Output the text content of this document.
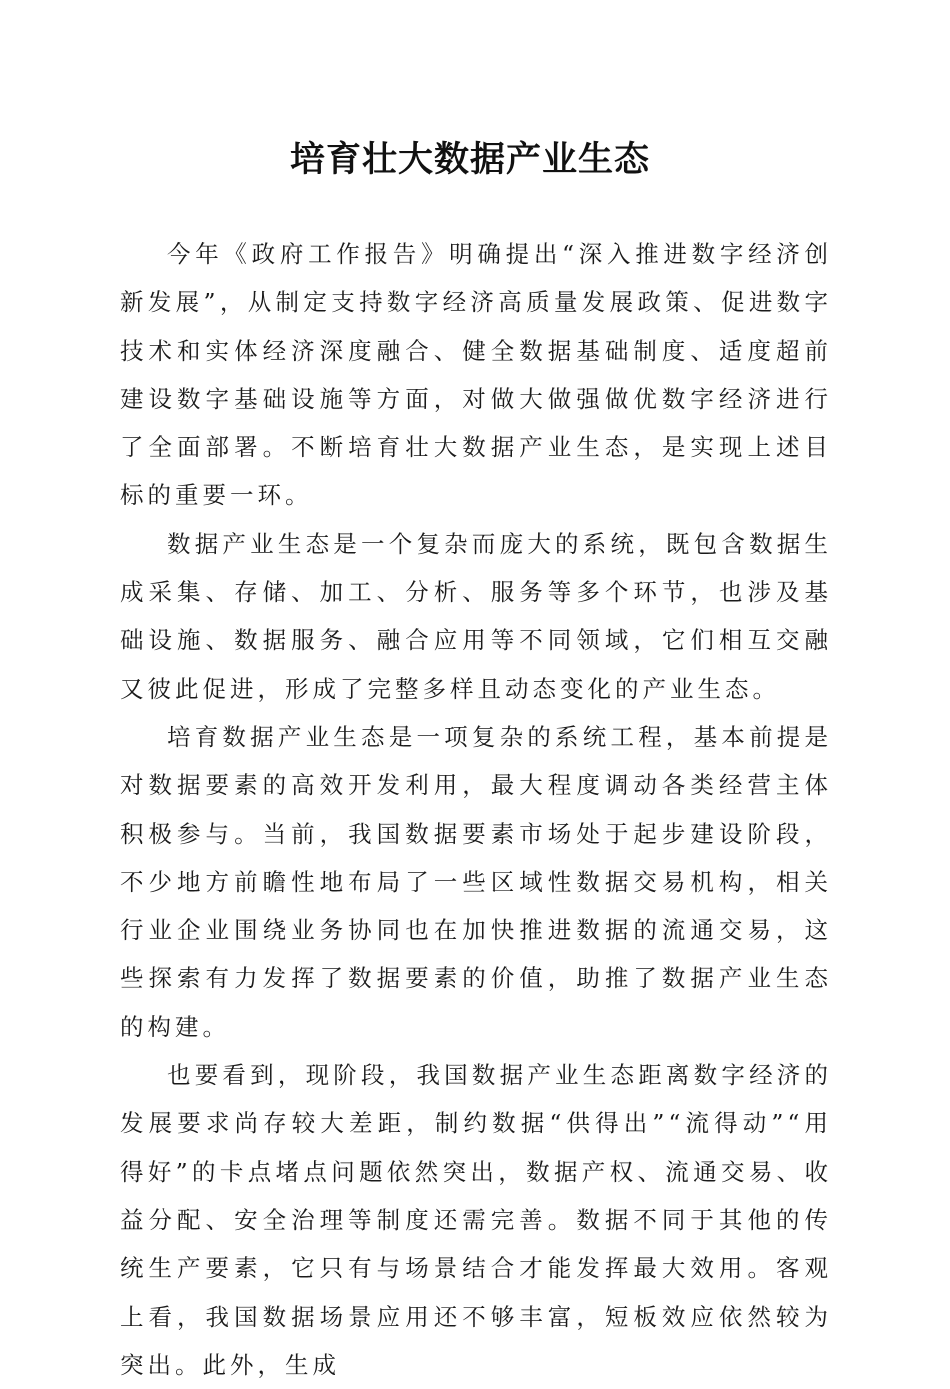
培育壮大数据产业生态

今年《政府工作报告》明确提出“深入推进数字经济创新发展”，从制定支持数字经济高质量发展政策、促进数字技术和实体经济深度融合、健全数据基础制度、适度超前建设数字基础设施等方面，对做大做强做优数字经济进行了全面部署。不断培育壮大数据产业生态，是实现上述目标的重要一环。

数据产业生态是一个复杂而庞大的系统，既包含数据生成采集、存储、加工、分析、服务等多个环节，也涉及基础设施、数据服务、融合应用等不同领域，它们相互交融又彼此促进，形成了完整多样且动态变化的产业生态。

培育数据产业生态是一项复杂的系统工程，基本前提是对数据要素的高效开发利用，最大程度调动各类经营主体积极参与。当前，我国数据要素市场处于起步建设阶段，不少地方前瞻性地布局了一些区域性数据交易机构，相关行业企业围绕业务协同也在加快推进数据的流通交易，这些探索有力发挥了数据要素的价值，助推了数据产业生态的构建。

也要看到，现阶段，我国数据产业生态距离数字经济的发展要求尚存较大差距，制约数据“供得出”“流得动”“用得好”的卡点堵点问题依然突出，数据产权、流通交易、收益分配、安全治理等制度还需完善。数据不同于其他的传统生产要素，它只有与场景结合才能发挥最大效用。客观上看，我国数据场景应用还不够丰富，短板效应依然较为突出。此外，生成
